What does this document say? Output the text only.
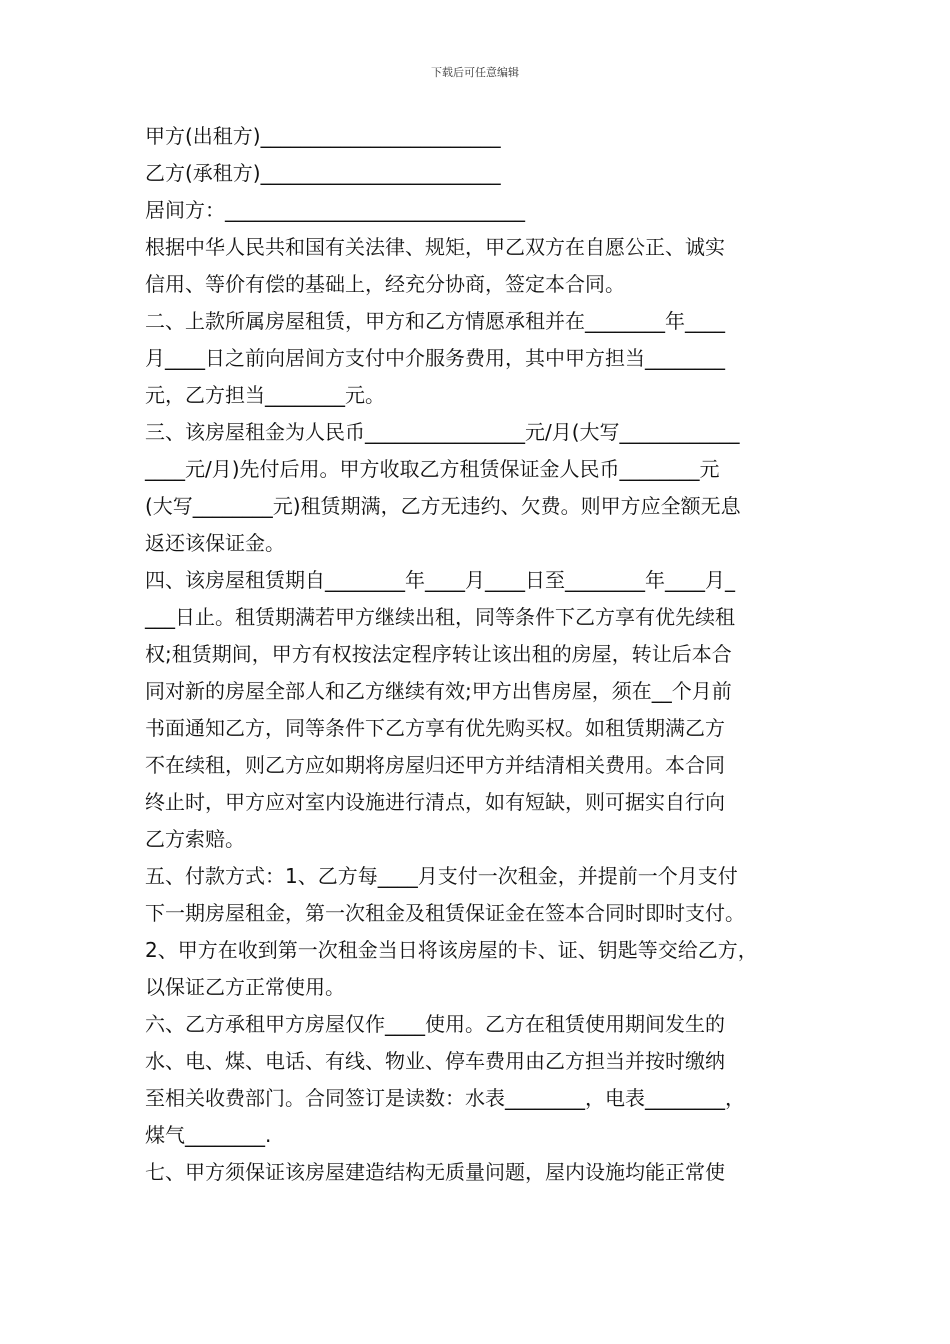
下载后可任意编辑
甲方(出租方)________________________
乙方(承租方)________________________
居间方：______________________________
根据中华人民共和国有关法律、规矩，甲乙双方在自愿公正、诚实
信用、等价有偿的基础上，经充分协商，签定本合同。
二、上款所属房屋租赁，甲方和乙方情愿承租并在________年____
月____日之前向居间方支付中介服务费用，其中甲方担当________
元，乙方担当________元。
三、该房屋租金为人民币________________元/月(大写____________
____元/月)先付后用。甲方收取乙方租赁保证金人民币________元
(大写________元)租赁期满，乙方无违约、欠费。则甲方应全额无息
返还该保证金。
四、该房屋租赁期自________年____月____日至________年____月_
___日止。租赁期满若甲方继续出租，同等条件下乙方享有优先续租
权;租赁期间，甲方有权按法定程序转让该出租的房屋，转让后本合
同对新的房屋全部人和乙方继续有效;甲方出售房屋，须在__个月前
书面通知乙方，同等条件下乙方享有优先购买权。如租赁期满乙方
不在续租，则乙方应如期将房屋归还甲方并结清相关费用。本合同
终止时，甲方应对室内设施进行清点，如有短缺，则可据实自行向
乙方索赔。
五、付款方式：1、乙方每____月支付一次租金，并提前一个月支付
下一期房屋租金，第一次租金及租赁保证金在签本合同时即时支付。
2、甲方在收到第一次租金当日将该房屋的卡、证、钥匙等交给乙方，
以保证乙方正常使用。
六、乙方承租甲方房屋仅作____使用。乙方在租赁使用期间发生的
水、电、煤、电话、有线、物业、停车费用由乙方担当并按时缴纳
至相关收费部门。合同签订是读数：水表________，电表________，
煤气________.
七、甲方须保证该房屋建造结构无质量问题，屋内设施均能正常使
